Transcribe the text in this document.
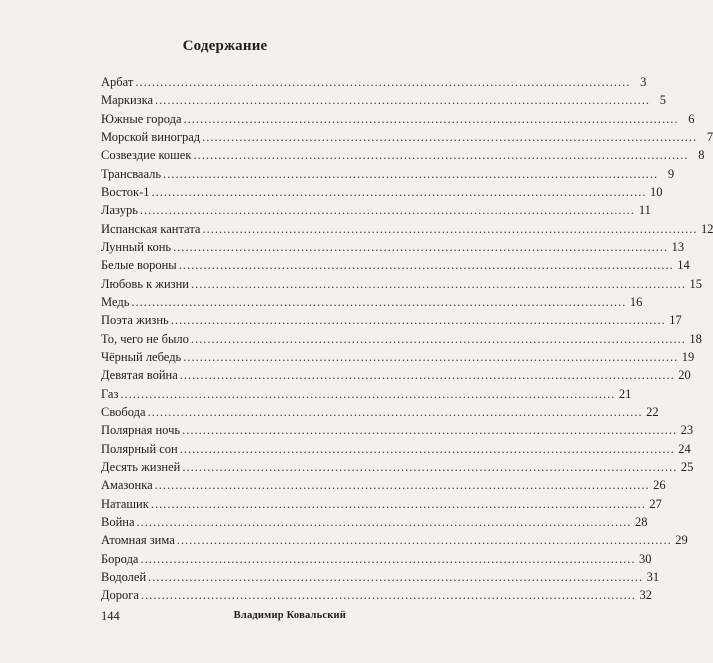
Содержание
Арбат ........................................................................................................................ 3
Маркизка ........................................................................................................................ 5
Южные города ........................................................................................................................ 6
Морской виноград ........................................................................................................................ 7
Созвездие кошек ........................................................................................................................ 8
Трансвааль ........................................................................................................................ 9
Восток-1 ........................................................................................................................ 10
Лазурь ........................................................................................................................ 11
Испанская кантата ........................................................................................................................ 12
Лунный конь ........................................................................................................................ 13
Белые вороны ........................................................................................................................ 14
Любовь к жизни ........................................................................................................................ 15
Медь ........................................................................................................................ 16
Поэта жизнь ........................................................................................................................ 17
То, чего не было ........................................................................................................................ 18
Чёрный лебедь ........................................................................................................................ 19
Девятая война ........................................................................................................................ 20
Газ ........................................................................................................................ 21
Свобода ........................................................................................................................ 22
Полярная ночь ........................................................................................................................ 23
Полярный сон ........................................................................................................................ 24
Десять жизней ........................................................................................................................ 25
Амазонка ........................................................................................................................ 26
Наташик ........................................................................................................................ 27
Война ........................................................................................................................ 28
Атомная зима ........................................................................................................................ 29
Борода ........................................................................................................................ 30
Водолей ........................................................................................................................ 31
Дорога ........................................................................................................................ 32
144	Владимир Ковальский
